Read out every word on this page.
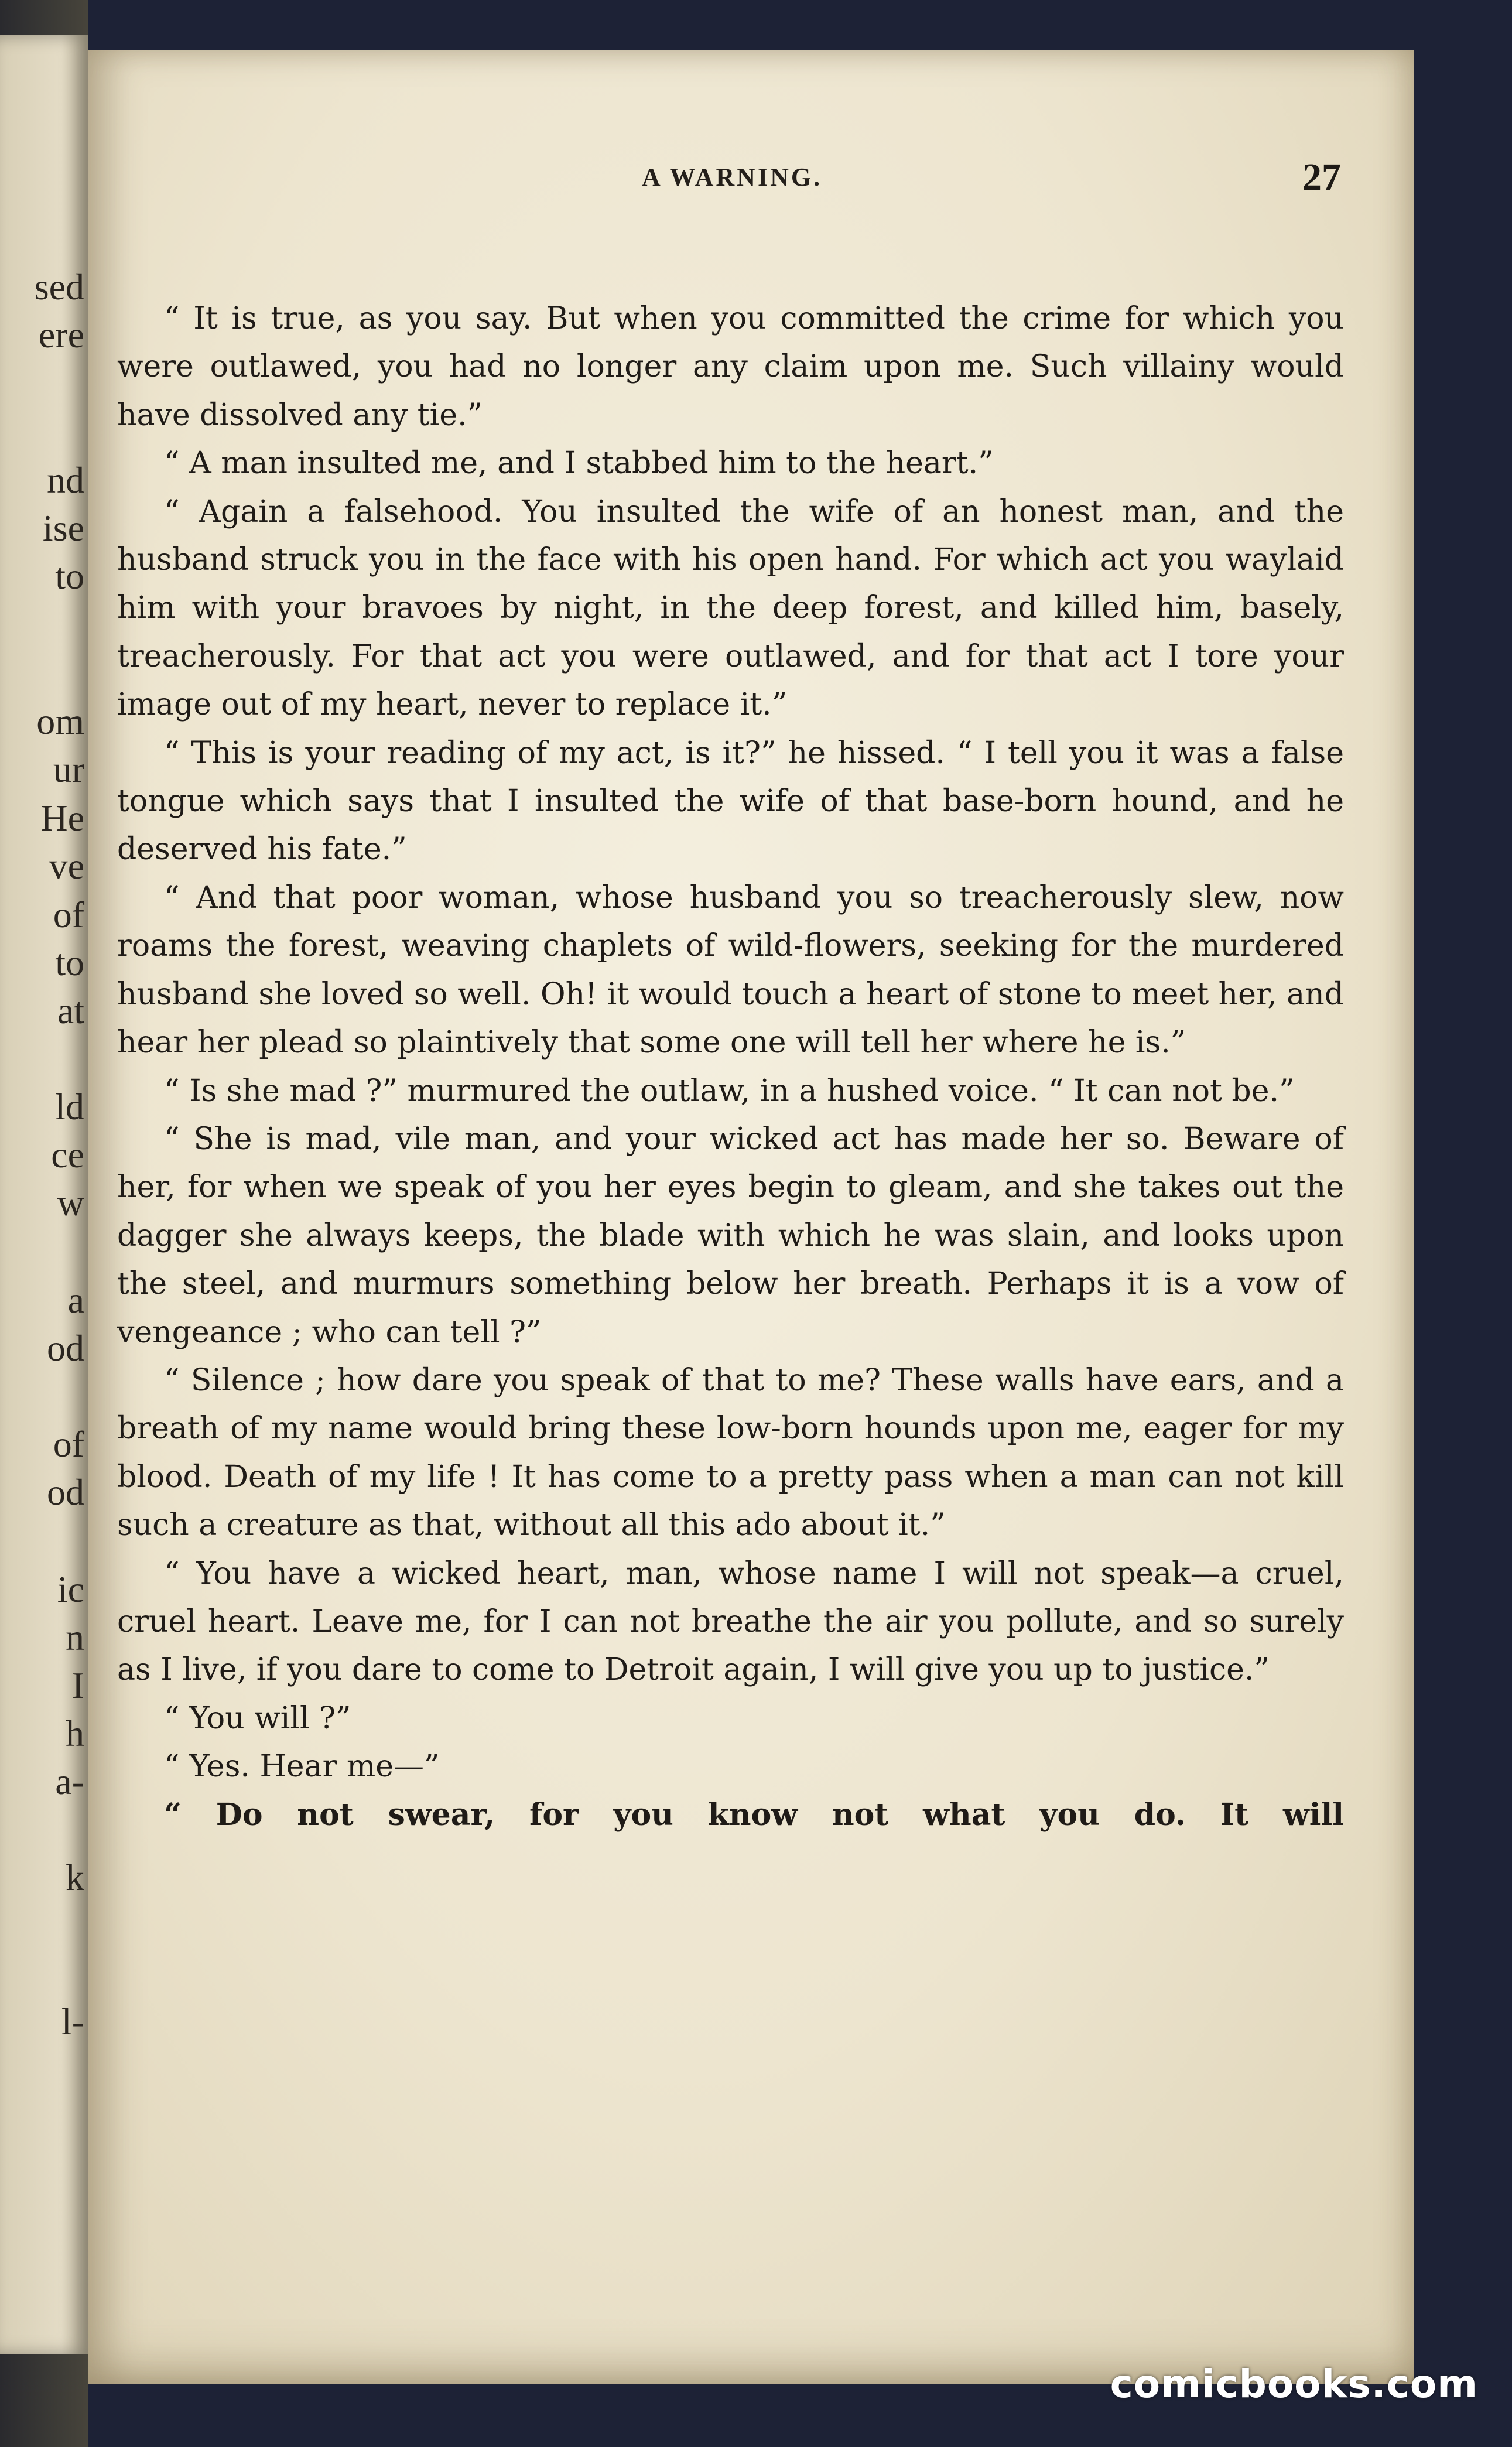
sed
ere
nd
ise
to
om
ur
He
ve
of
to
at
ld
ce
w
a
od
of
od
ic
n
I
h
a-
k
l-
A WARNING.	27

“ It is true, as you say. But when you committed the crime for which you were outlawed, you had no longer any claim upon me. Such villainy would have dissolved any tie.”

“ A man insulted me, and I stabbed him to the heart.”

“ Again a falsehood. You insulted the wife of an honest man, and the husband struck you in the face with his open hand. For which act you waylaid him with your bravoes by night, in the deep forest, and killed him, basely, treacherously. For that act you were outlawed, and for that act I tore your image out of my heart, never to replace it.”

“ This is your reading of my act, is it?” he hissed. “ I tell you it was a false tongue which says that I insulted the wife of that base-born hound, and he deserved his fate.”

“ And that poor woman, whose husband you so treacherously slew, now roams the forest, weaving chaplets of wild-flowers, seeking for the murdered husband she loved so well. Oh! it would touch a heart of stone to meet her, and hear her plead so plaintively that some one will tell her where he is.”

“ Is she mad ?” murmured the outlaw, in a hushed voice. “ It can not be.”

“ She is mad, vile man, and your wicked act has made her so. Beware of her, for when we speak of you her eyes begin to gleam, and she takes out the dagger she always keeps, the blade with which he was slain, and looks upon the steel, and murmurs something below her breath. Perhaps it is a vow of vengeance ; who can tell ?”

“ Silence ; how dare you speak of that to me? These walls have ears, and a breath of my name would bring these low-born hounds upon me, eager for my blood. Death of my life ! It has come to a pretty pass when a man can not kill such a creature as that, without all this ado about it.”

“ You have a wicked heart, man, whose name I will not speak—a cruel, cruel heart. Leave me, for I can not breathe the air you pollute, and so surely as I live, if you dare to come to Detroit again, I will give you up to justice.”

“ You will ?”

“ Yes. Hear me—”

“ Do not swear, for you know not what you do. It will

comicbooks.com
